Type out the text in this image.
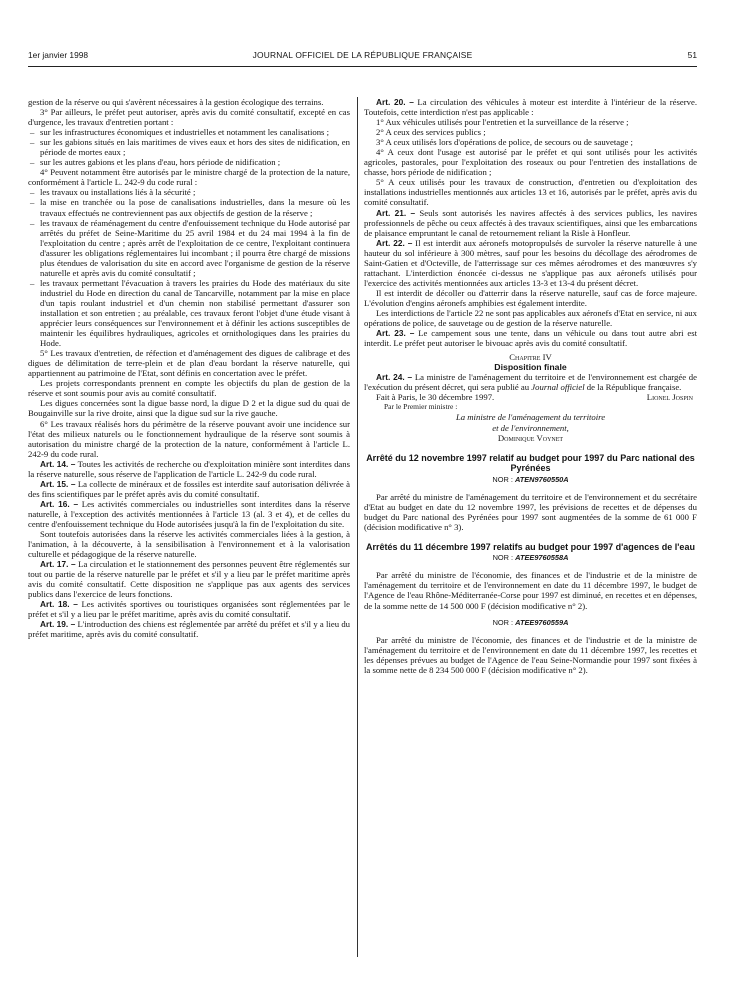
1er janvier 1998	JOURNAL OFFICIEL DE LA RÉPUBLIQUE FRANÇAISE	51

gestion de la réserve ou qui s'avèrent nécessaires à la gestion écologique des terrains.

3° Par ailleurs, le préfet peut autoriser, après avis du comité consultatif, excepté en cas d'urgence, les travaux d'entretien portant :

– sur les infrastructures économiques et industrielles et notamment les canalisations ;
– sur les gabions situés en lais maritimes de vives eaux et hors des sites de nidification, en période de mortes eaux ;
– sur les autres gabions et les plans d'eau, hors période de nidification ;

4° Peuvent notamment être autorisés par le ministre chargé de la protection de la nature, conformément à l'article L. 242-9 du code rural :

– les travaux ou installations liés à la sécurité ;
– la mise en tranchée ou la pose de canalisations industrielles, dans la mesure où les travaux effectués ne contreviennent pas aux objectifs de gestion de la réserve ;
– les travaux de réaménagement du centre d'enfouissement technique du Hode autorisé par arrêtés du préfet de Seine-Maritime du 25 avril 1984 et du 24 mai 1994 à la fin de l'exploitation du centre ; après arrêt de l'exploitation de ce centre, l'exploitant continuera d'assurer les obligations réglementaires lui incombant ; il pourra être chargé de missions plus étendues de valorisation du site en accord avec l'organisme de gestion de la réserve naturelle et après avis du comité consultatif ;
– les travaux permettant l'évacuation à travers les prairies du Hode des matériaux du site industriel du Hode en direction du canal de Tancarville, notamment par la mise en place d'un tapis roulant industriel et d'un chemin non stabilisé permettant d'assurer son installation et son entretien ; au préalable, ces travaux feront l'objet d'une étude visant à apprécier leurs conséquences sur l'environnement et à définir les actions susceptibles de maintenir les équilibres hydrauliques, agricoles et ornithologiques dans les prairies du Hode.

5° Les travaux d'entretien, de réfection et d'aménagement des digues de calibrage et des digues de délimitation de terre-plein et de plan d'eau bordant la réserve naturelle, qui appartiennent au patrimoine de l'Etat, sont définis en concertation avec le préfet.

Les projets correspondants prennent en compte les objectifs du plan de gestion de la réserve et sont soumis pour avis au comité consultatif.

Les digues concernées sont la digue basse nord, la digue D 2 et la digue sud du quai de Bougainville sur la rive droite, ainsi que la digue sud sur la rive gauche.

6° Les travaux réalisés hors du périmètre de la réserve pouvant avoir une incidence sur l'état des milieux naturels ou le fonctionnement hydraulique de la réserve sont soumis à autorisation du ministre chargé de la protection de la nature, conformément à l'article L. 242-9 du code rural.

Art. 14. – Toutes les activités de recherche ou d'exploitation minière sont interdites dans la réserve naturelle, sous réserve de l'application de l'article L. 242-9 du code rural.

Art. 15. – La collecte de minéraux et de fossiles est interdite sauf autorisation délivrée à des fins scientifiques par le préfet après avis du comité consultatif.

Art. 16. – Les activités commerciales ou industrielles sont interdites dans la réserve naturelle, à l'exception des activités mentionnées à l'article 13 (al. 3 et 4), et de celles du centre d'enfouissement technique du Hode autorisées jusqu'à la fin de l'exploitation du site.

Sont toutefois autorisées dans la réserve les activités commerciales liées à la gestion, à l'animation, à la découverte, à la sensibilisation à l'environnement et à la valorisation culturelle et pédagogique de la réserve naturelle.

Art. 17. – La circulation et le stationnement des personnes peuvent être réglementés sur tout ou partie de la réserve naturelle par le préfet et s'il y a lieu par le préfet maritime après avis du comité consultatif. Cette disposition ne s'applique pas aux agents des services publics dans l'exercice de leurs fonctions.

Art. 18. – Les activités sportives ou touristiques organisées sont réglementées par le préfet et s'il y a lieu par le préfet maritime, après avis du comité consultatif.

Art. 19. – L'introduction des chiens est réglementée par arrêté du préfet et s'il y a lieu du préfet maritime, après avis du comité consultatif.

Art. 20. – La circulation des véhicules à moteur est interdite à l'intérieur de la réserve. Toutefois, cette interdiction n'est pas applicable :

1° Aux véhicules utilisés pour l'entretien et la surveillance de la réserve ;

2° A ceux des services publics ;

3° A ceux utilisés lors d'opérations de police, de secours ou de sauvetage ;

4° A ceux dont l'usage est autorisé par le préfet et qui sont utilisés pour les activités agricoles, pastorales, pour l'exploitation des roseaux ou pour l'entretien des installations de chasse, hors période de nidification ;

5° A ceux utilisés pour les travaux de construction, d'entretien ou d'exploitation des installations industrielles mentionnés aux articles 13 et 16, autorisés par le préfet, après avis du comité consultatif.

Art. 21. – Seuls sont autorisés les navires affectés à des services publics, les navires professionnels de pêche ou ceux affectés à des travaux scientifiques, ainsi que les embarcations de plaisance empruntant le canal de retournement reliant la Risle à Honfleur.

Art. 22. – Il est interdit aux aéronefs motopropulsés de survoler la réserve naturelle à une hauteur du sol inférieure à 300 mètres, sauf pour les besoins du décollage des aérodromes de Saint-Gatien et d'Octeville, de l'atterrissage sur ces mêmes aérodromes et des manœuvres s'y rattachant. L'interdiction énoncée ci-dessus ne s'applique pas aux aéronefs utilisés pour l'exercice des activités mentionnées aux articles 13-3 et 13-4 du présent décret.

Il est interdit de décoller ou d'atterrir dans la réserve naturelle, sauf cas de force majeure. L'évolution d'engins aéronefs amphibies est également interdite.

Les interdictions de l'article 22 ne sont pas applicables aux aéronefs d'Etat en service, ni aux opérations de police, de sauvetage ou de gestion de la réserve naturelle.

Art. 23. – Le campement sous une tente, dans un véhicule ou dans tout autre abri est interdit. Le préfet peut autoriser le bivouac après avis du comité consultatif.

Chapitre IV

Disposition finale

Art. 24. – La ministre de l'aménagement du territoire et de l'environnement est chargée de l'exécution du présent décret, qui sera publié au Journal officiel de la République française.

Fait à Paris, le 30 décembre 1997.	Lionel Jospin

Par le Premier ministre :

La ministre de l'aménagement du territoire

et de l'environnement,

Dominique Voynet

Arrêté du 12 novembre 1997 relatif au budget pour 1997 du Parc national des Pyrénées

NOR : ATEN9760550A

Par arrêté du ministre de l'aménagement du territoire et de l'environnement et du secrétaire d'Etat au budget en date du 12 novembre 1997, les prévisions de recettes et de dépenses du budget du Parc national des Pyrénées pour 1997 sont augmentées de la somme de 61 000 F (décision modificative n° 3).

Arrêtés du 11 décembre 1997 relatifs au budget pour 1997 d'agences de l'eau

NOR : ATEE9760558A

Par arrêté du ministre de l'économie, des finances et de l'industrie et de la ministre de l'aménagement du territoire et de l'environnement en date du 11 décembre 1997, le budget de l'Agence de l'eau Rhône-Méditerranée-Corse pour 1997 est diminué, en recettes et en dépenses, de la somme nette de 14 500 000 F (décision modificative n° 2).

NOR : ATEE9760559A

Par arrêté du ministre de l'économie, des finances et de l'industrie et de la ministre de l'aménagement du territoire et de l'environnement en date du 11 décembre 1997, les recettes et les dépenses prévues au budget de l'Agence de l'eau Seine-Normandie pour 1997 sont fixées à la somme nette de 8 234 500 000 F (décision modificative n° 2).
